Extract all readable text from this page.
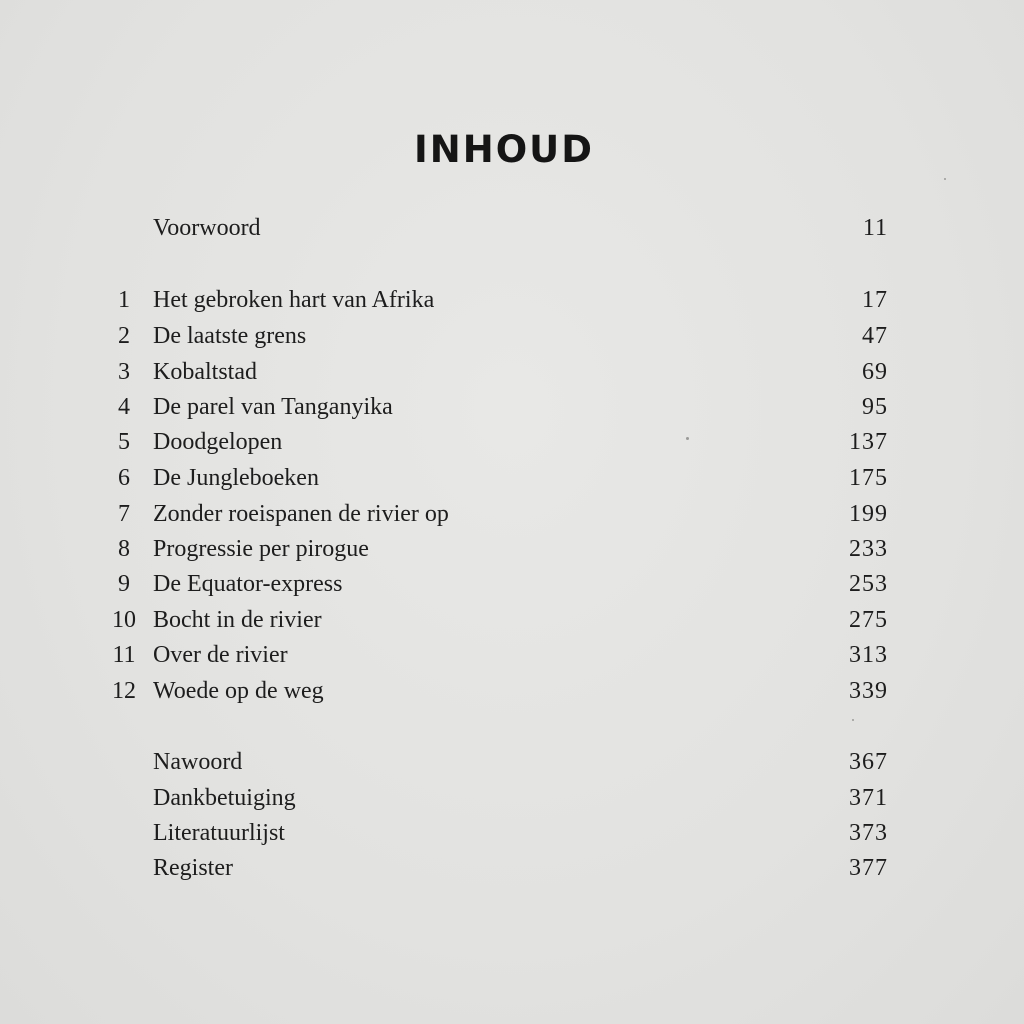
INHOUD
Voorwoord	11
1 Het gebroken hart van Afrika	17
2 De laatste grens	47
3 Kobaltstad	69
4 De parel van Tanganyika	95
5 Doodgelopen	137
6 De Jungleboeken	175
7 Zonder roeispanen de rivier op	199
8 Progressie per pirogue	233
9 De Equator-express	253
10 Bocht in de rivier	275
11 Over de rivier	313
12 Woede op de weg	339
Nawoord	367
Dankbetuiging	371
Literatuurlijst	373
Register	377
